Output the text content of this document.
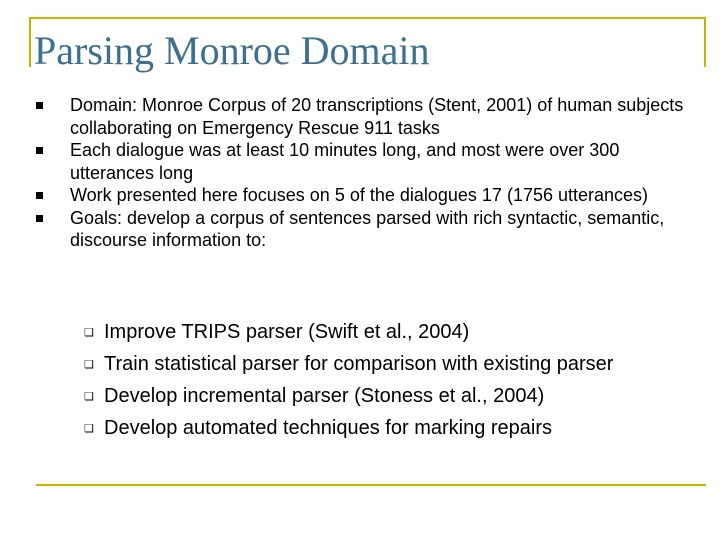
Parsing Monroe Domain
Domain: Monroe Corpus of 20 transcriptions (Stent, 2001) of human subjects collaborating on Emergency Rescue 911 tasks
Each dialogue was at least 10 minutes long, and most were over 300 utterances long
Work presented here focuses on 5 of the dialogues 17 (1756 utterances)
Goals: develop a corpus of sentences parsed with rich syntactic, semantic, discourse information to:
❑ Improve TRIPS parser (Swift et al., 2004)
❑ Train statistical parser for comparison with existing parser
❑ Develop incremental parser (Stoness et al., 2004)
❑ Develop automated techniques for marking repairs
